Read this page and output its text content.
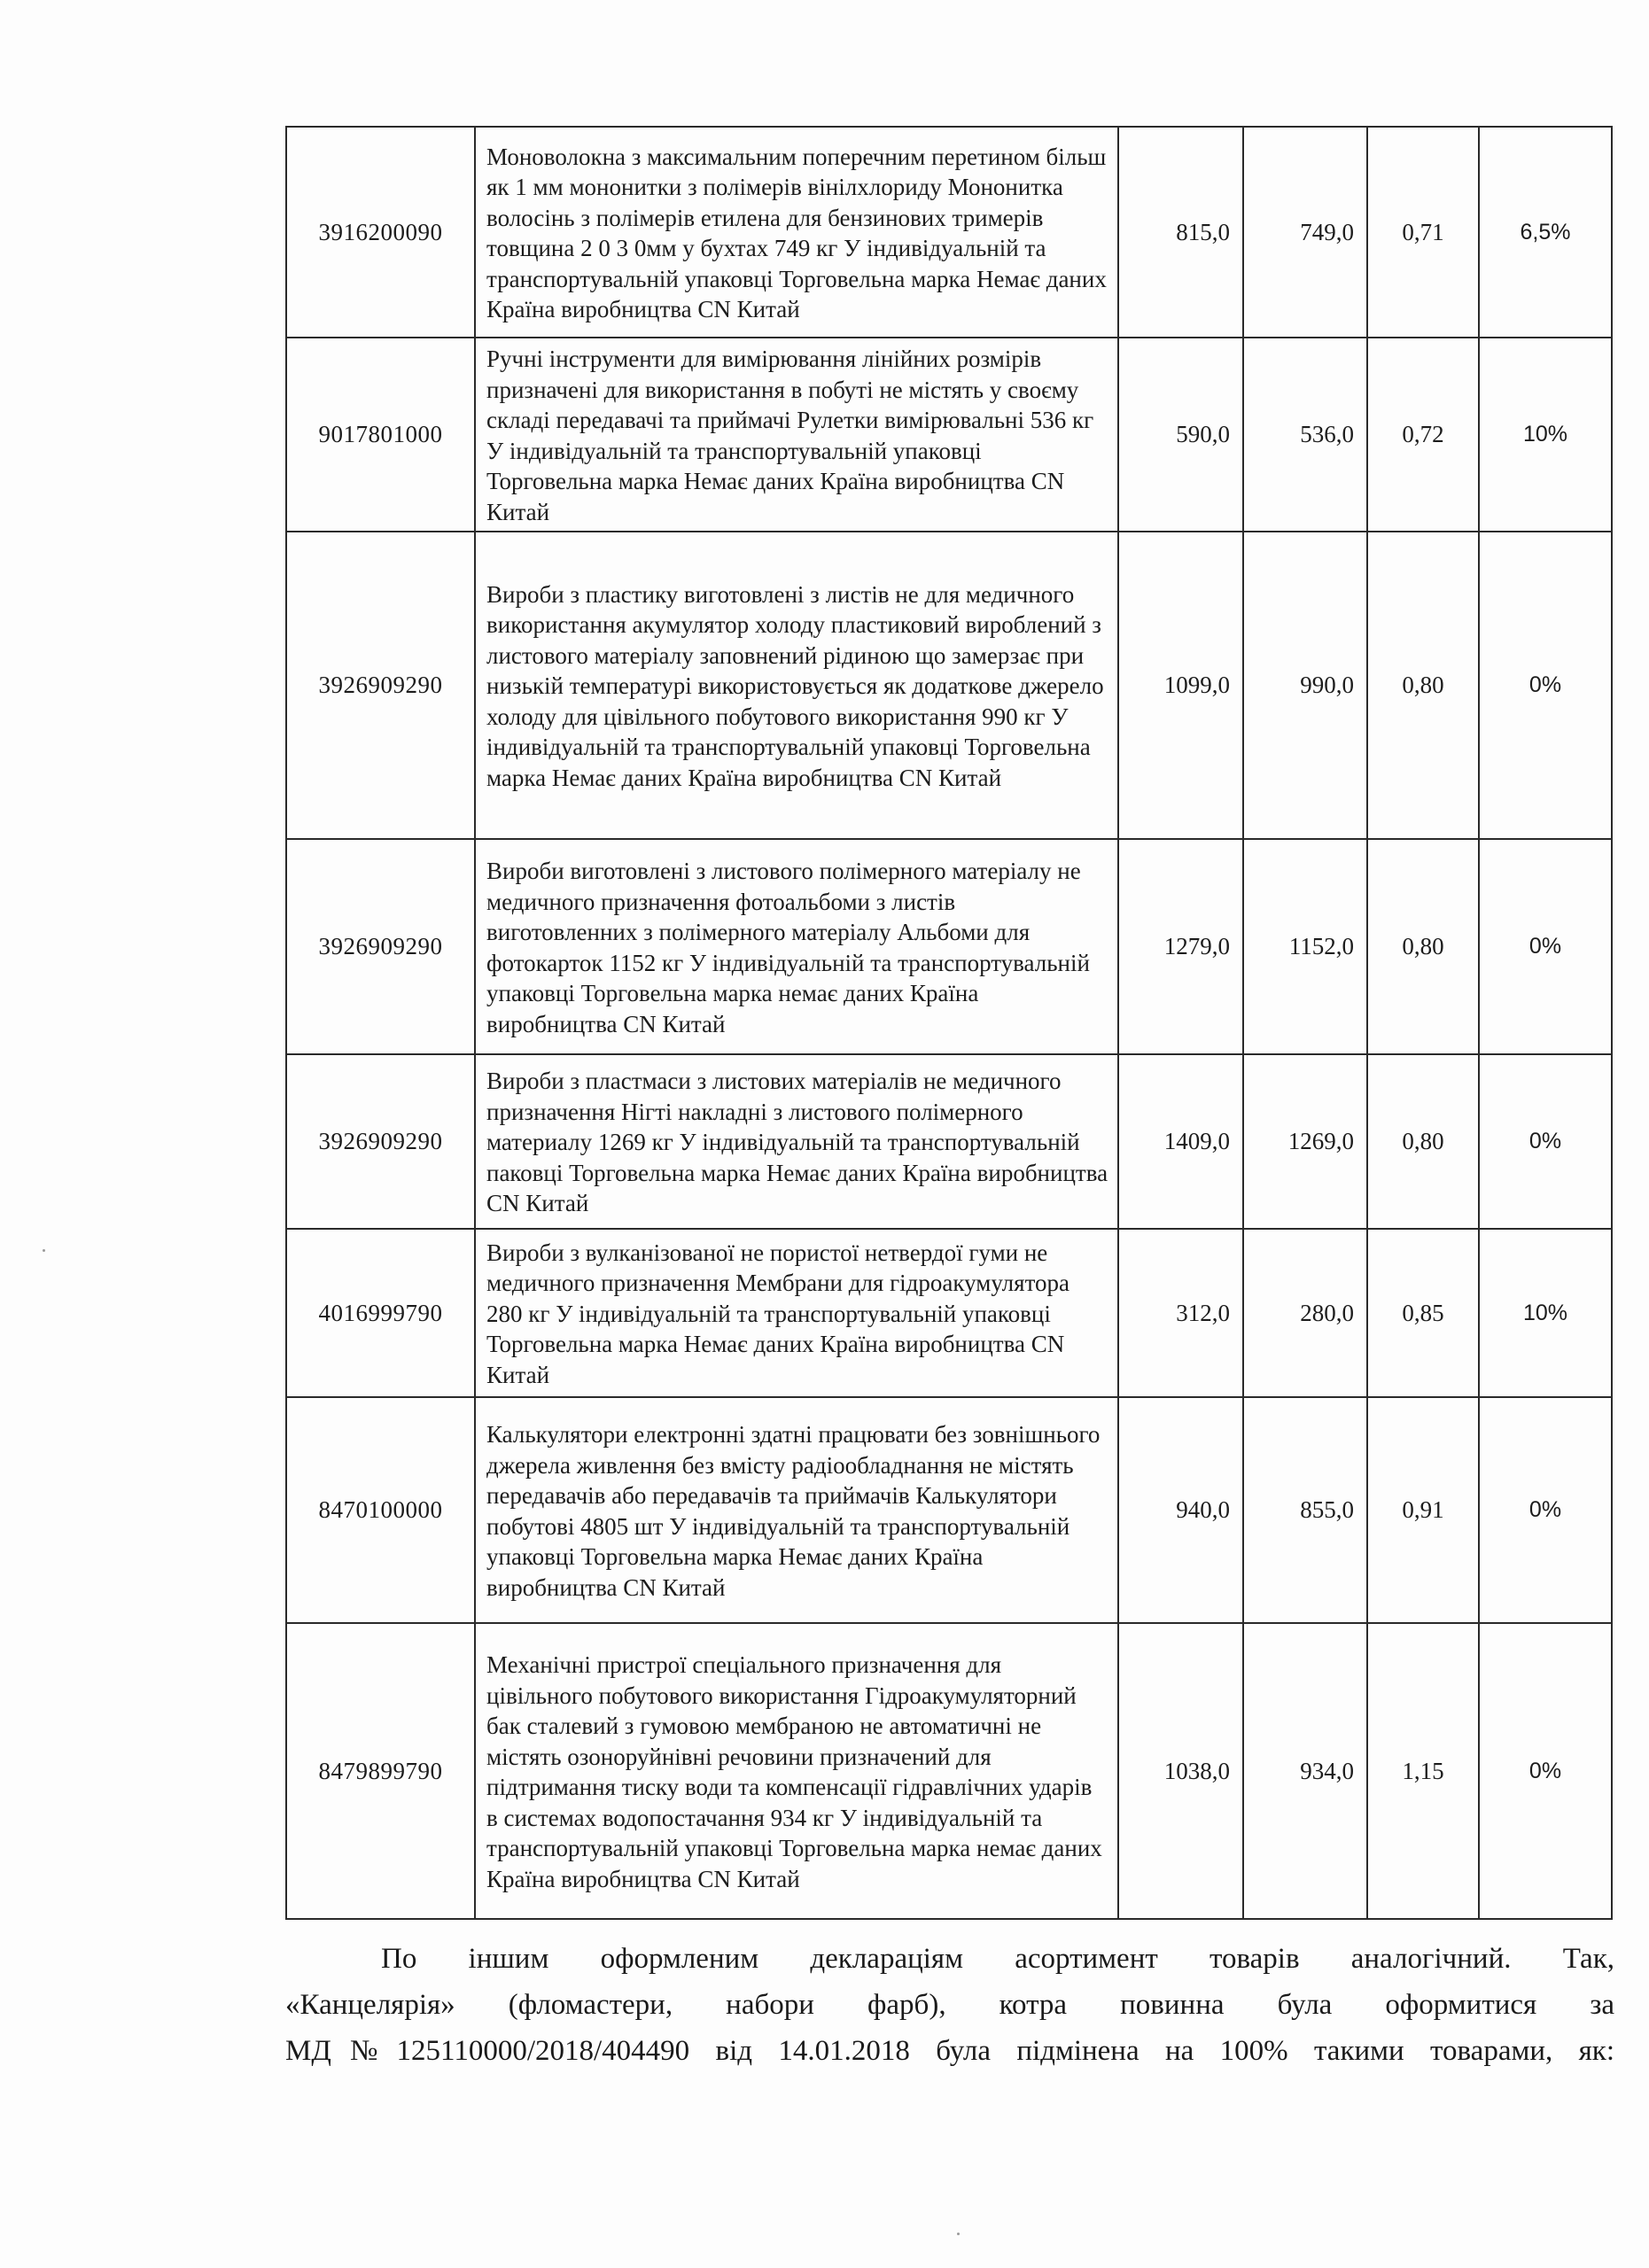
3916200090	Моноволокна з максимальним поперечним перетином більш як 1 мм мононитки з полімерів вінілхлориду Мононитка волосінь з полімерів етилена для бензинових тримерів товщина 2 0 3 0мм у бухтах 749 кг У індивідуальній та транспортувальній упаковці Торговельна марка Немає даних Країна виробництва CN Китай	815,0	749,0	0,71	6,5%
9017801000	Ручні інструменти для вимірювання лінійних розмірів призначені для використання в побуті не містять у своєму складі передавачі та приймачі Рулетки вимірювальні 536 кг У індивідуальній та транспортувальній упаковці Торговельна марка Немає даних Країна виробництва CN Китай	590,0	536,0	0,72	10%
3926909290	Вироби з пластику виготовлені з листів не для медичного використання акумулятор холоду пластиковий вироблений з листового матеріалу заповнений рідиною що замерзає при низькій температурі використовується як додаткове джерело холоду для цівільного побутового використання 990 кг У індивідуальній та транспортувальній упаковці Торговельна марка Немає даних Країна виробництва CN Китай	1099,0	990,0	0,80	0%
3926909290	Вироби виготовлені з листового полімерного матеріалу не медичного призначення фотоальбоми з листів виготовленних з полімерного матеріалу Альбоми для фотокарток 1152 кг У індивідуальній та транспортувальній упаковці Торговельна марка немає даних Країна виробництва CN Китай	1279,0	1152,0	0,80	0%
3926909290	Вироби з пластмаси з листових матеріалів не медичного призначення Нігті накладні з листового полімерного материалу 1269 кг У індивідуальній та транспортувальній паковці Торговельна марка Немає даних Країна виробництва CN Китай	1409,0	1269,0	0,80	0%
4016999790	Вироби з вулканізованої не пористої нетвердої гуми не медичного призначення Мембрани для гідроакумулятора 280 кг У індивідуальній та транспортувальній упаковці Торговельна марка Немає даних Країна виробництва CN Китай	312,0	280,0	0,85	10%
8470100000	Калькулятори електронні здатні працювати без зовнішнього джерела живлення без вмісту радіообладнання не містять передавачів або передавачів та приймачів Калькулятори побутові 4805 шт У індивідуальній та транспортувальній упаковці Торговельна марка Немає даних Країна виробництва CN Китай	940,0	855,0	0,91	0%
8479899790	Механічні пристрої спеціального призначення для цівільного побутового використання Гідроакумуляторний бак сталевий з гумовою мембраною не автоматичні не містять озоноруйнівні речовини призначений для підтримання тиску води та компенсації гідравлічних ударів в системах водопостачання 934 кг У індивідуальній та транспортувальній упаковці Торговельна марка немає даних Країна виробництва CN Китай	1038,0	934,0	1,15	0%
По іншим оформленим деклараціям асортимент товарів аналогічний. Так,
«Канцелярія» (фломастери, набори фарб), котра повинна була оформитися за
МД№125110000/2018/404490 від 14.01.2018 була підмінена на 100% такими товарами, як:
